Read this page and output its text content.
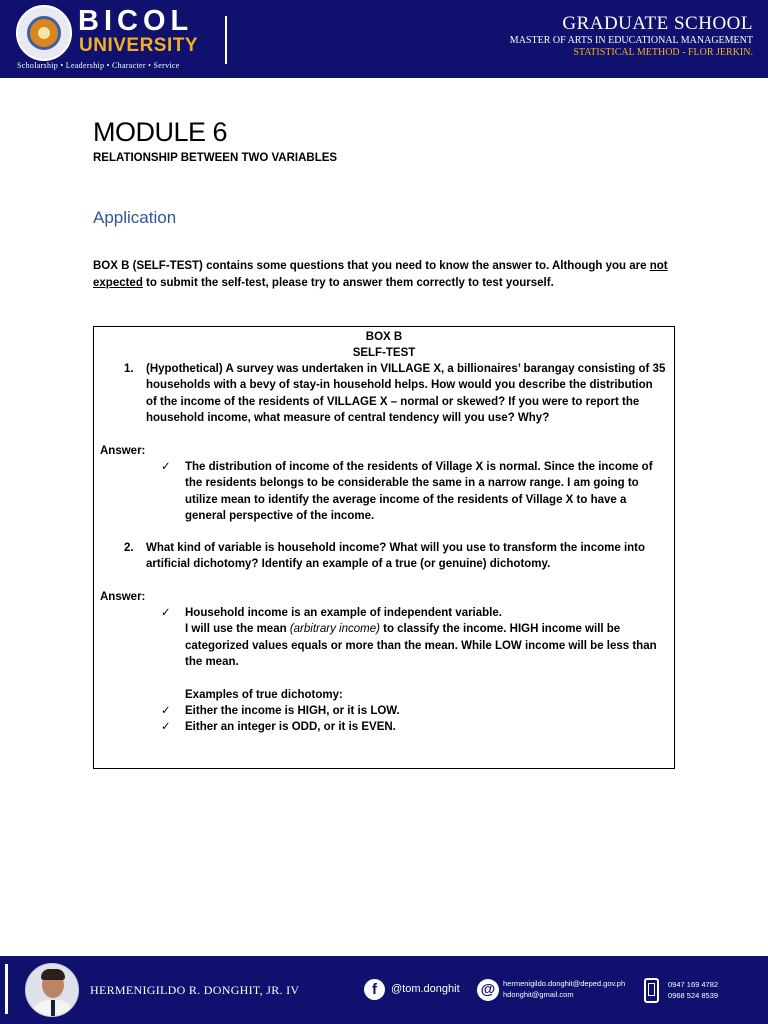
BICOL
UNIVERSITY
Scholarship • Leadership • Character • Service
GRADUATE SCHOOL
MASTER OF ARTS IN EDUCATIONAL MANAGEMENT
STATISTICAL METHOD - FLOR JERKIN.
MODULE 6
RELATIONSHIP BETWEEN TWO VARIABLES
Application
BOX B (SELF-TEST) contains some questions that you need to know the answer to. Although you are not expected to submit the self-test, please try to answer them correctly to test yourself.
BOX B
SELF-TEST
1. (Hypothetical) A survey was undertaken in VILLAGE X, a billionaires’ barangay consisting of 35 households with a bevy of stay-in household helps. How would you describe the distribution of the income of the residents of VILLAGE X – normal or skewed? If you were to report the household income, what measure of central tendency will you use? Why?
Answer:
✓ The distribution of income of the residents of Village X is normal. Since the income of the residents belongs to be considerable the same in a narrow range. I am going to utilize mean to identify the average income of the residents of Village X to have a general perspective of the income.
2. What kind of variable is household income? What will you use to transform the income into artificial dichotomy? Identify an example of a true (or genuine) dichotomy.
Answer:
✓ Household income is an example of independent variable.
I will use the mean (arbitrary income) to classify the income. HIGH income will be categorized values equals or more than the mean. While LOW income will be less than the mean.
Examples of true dichotomy:
✓ Either the income is HIGH, or it is LOW.
✓ Either an integer is ODD, or it is EVEN.
HERMENIGILDO R. DONGHIT, JR. IV	f	@tom.donghit @	hermenigildo.donghit@deped.gov.ph
hdonghit@gmail.com
0947 169 4782
0968 524 8539
